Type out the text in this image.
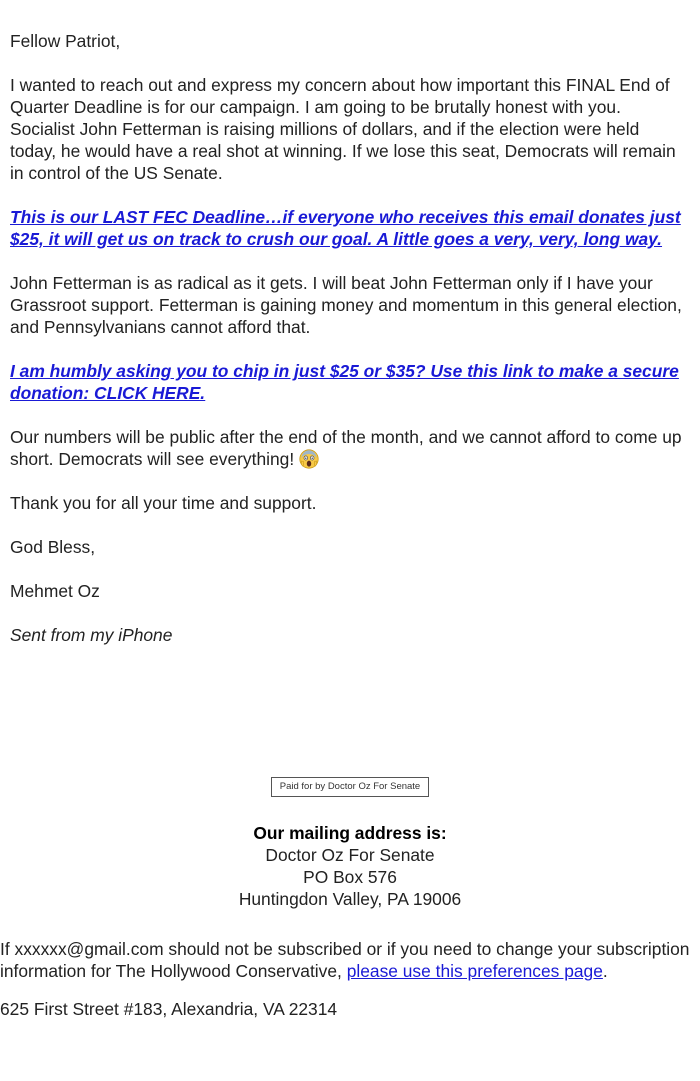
Fellow Patriot,

I wanted to reach out and express my concern about how important this FINAL End of Quarter Deadline is for our campaign. I am going to be brutally honest with you. Socialist John Fetterman is raising millions of dollars, and if the election were held today, he would have a real shot at winning. If we lose this seat, Democrats will remain in control of the US Senate.

This is our LAST FEC Deadline…if everyone who receives this email donates just $25, it will get us on track to crush our goal. A little goes a very, very, long way.

John Fetterman is as radical as it gets. I will beat John Fetterman only if I have your Grassroot support. Fetterman is gaining money and momentum in this general election, and Pennsylvanians cannot afford that.

I am humbly asking you to chip in just $25 or $35? Use this link to make a secure donation: CLICK HERE.

Our numbers will be public after the end of the month, and we cannot afford to come up short. Democrats will see everything!

Thank you for all your time and support.

God Bless,

Mehmet Oz

Sent from my iPhone

Paid for by Doctor Oz For Senate
Our mailing address is:
Doctor Oz For Senate
PO Box 576
Huntingdon Valley, PA 19006
If xxxxxx@gmail.com should not be subscribed or if you need to change your subscription information for The Hollywood Conservative, please use this preferences page.
625 First Street #183, Alexandria, VA 22314
